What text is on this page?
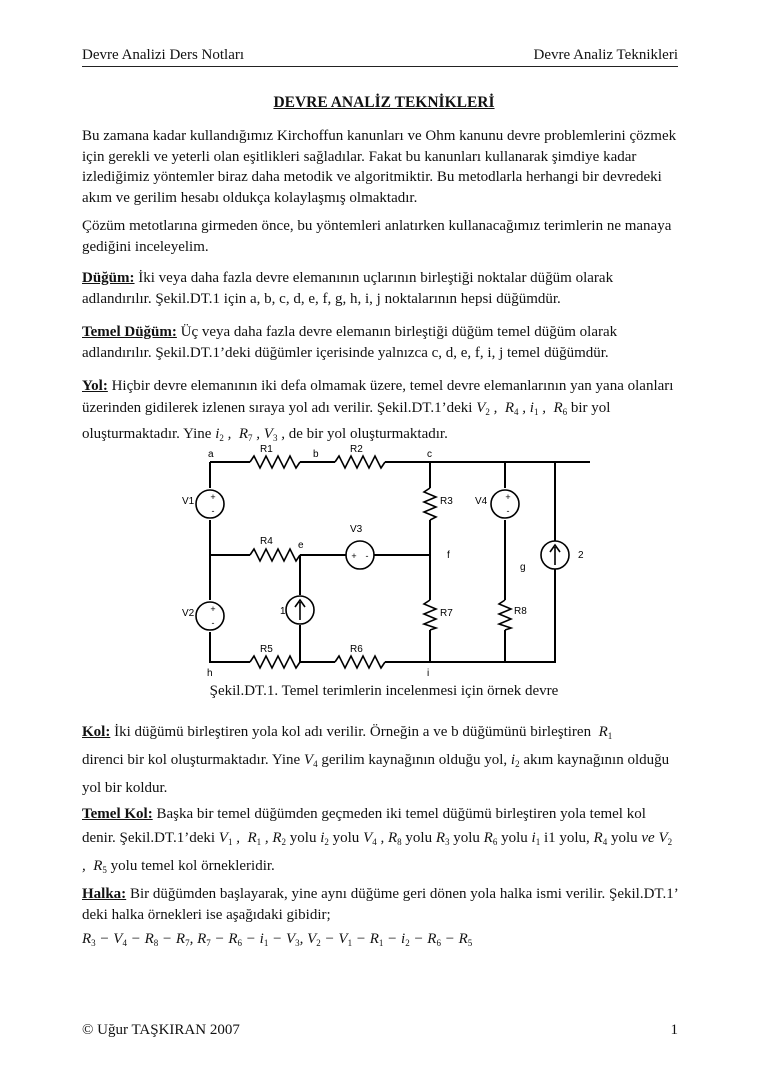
Devre Analizi Ders Notları	Devre Analiz Teknikleri
DEVRE ANALİZ TEKNİKLERİ

Bu zamana kadar kullandığımız Kirchoffun kanunları ve Ohm kanunu devre problemlerini çözmek için gerekli ve yeterli olan eşitlikleri sağladılar. Fakat bu kanunları kullanarak şimdiye kadar izlediğimiz yöntemler biraz daha metodik ve algoritmiktir. Bu metodlarla herhangi bir devredeki akım ve gerilim hesabı oldukça kolaylaşmış olmaktadır.

Çözüm metotlarına girmeden önce, bu yöntemleri anlatırken kullanacağımız terimlerin ne manaya gediğini inceleyelim.

Düğüm: İki veya daha fazla devre elemanının uçlarının birleştiği noktalar düğüm olarak adlandırılır. Şekil.DT.1 için a, b, c, d, e, f, g, h, i, j noktalarının hepsi düğümdür.

Temel Düğüm: Üç veya daha fazla devre elemanın birleştiği düğüm temel düğüm olarak adlandırılır. Şekil.DT.1’deki düğümler içerisinde yalnızca c, d, e, f, i, j temel düğümdür.

Yol: Hiçbir devre elemanının iki defa olmamak üzere, temel devre elemanlarının yan yana olanları üzerinden gidilerek izlenen sıraya yol adı verilir. Şekil.DT.1’deki $V_2$ ,  $R_4$ , $i_1$ ,  $R_6$ bir yol oluşturmaktadır. Yine $i_2$ ,  $R_7$ , $V_3$ , de bir yol oluşturmaktadır.

+
-
+
-
+
-
+ -
a	b	c
e
f
g
h	i
R1	R2
R3
R4
R5	R6
R7	R8
V1
V2
V3
V4
1
2
Şekil.DT.1. Temel terimlerin incelenmesi için örnek devre

Kol: İki düğümü birleştiren yola kol adı verilir. Örneğin a ve b düğümünü birleştiren  $R_1$
direnci bir kol oluşturmaktadır. Yine $V_4$ gerilim kaynağının olduğu yol, $i_2$ akım kaynağının olduğu yol bir koldur.

Temel Kol: Başka bir temel düğümden geçmeden iki temel düğümü birleştiren yola temel kol denir. Şekil.DT.1’deki $V_1$ ,  $R_1$ , $R_2$ yolu $i_2$ yolu $V_4$ , $R_8$ yolu $R_3$ yolu $R_6$ yolu $i_1$ i1 yolu, $R_4$ yolu ve $V_2$ ,  $R_5$ yolu temel kol örnekleridir.

Halka: Bir düğümden başlayarak, yine aynı düğüme geri dönen yola halka ismi verilir. Şekil.DT.1’ deki halka örnekleri ise aşağıdaki gibidir;

$R_3 - V_4 - R_8 - R_7$, $R_7 - R_6 - i_1 - V_3$, $V_2 - V_1 - R_1 - i_2 - R_6 - R_5$

© Uğur TAŞKIRAN 2007	1
